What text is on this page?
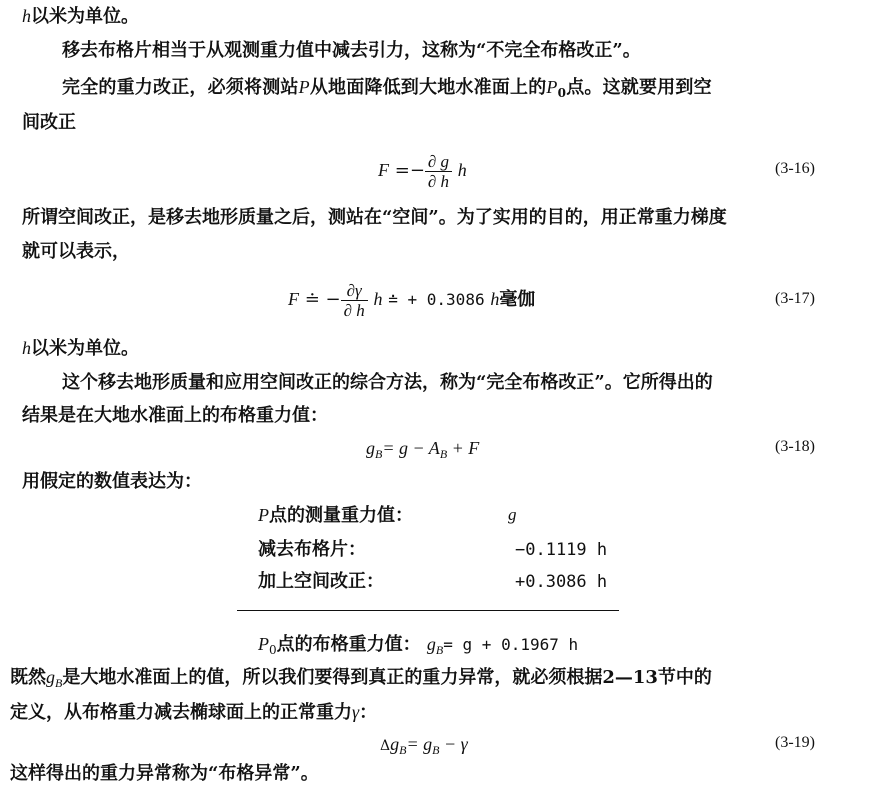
h以米为单位。
移去布格片相当于从观测重力值中减去引力，这称为“不完全布格改正”。
完全的重力改正，必须将测站P从地面降低到大地水准面上的$P_0$点。这就要用到空
间改正
$F =- \frac{\partial g}{\partial h}$ h	(3-16)
所谓空间改正，是移去地形质量之后，测站在“空间”。为了实用的目的，用正常重力梯度
就可以表示，
F ≐ − $\frac{\partial\gamma}{\partial h}$ h ≐ + 0.3086 h毫伽	(3-17)
h以米为单位。
这个移去地形质量和应用空间改正的综合方法，称为“完全布格改正”。它所得出的
结果是在大地水准面上的布格重力值：
$g_B= g - A_B + F$	(3-18)
用假定的数值表达为：
P点的测量重力值：	g
减去布格片：	−0.1119 h
加上空间改正：	+0.3086 h
$P_0$点的布格重力值： $g_B= g + 0.1967$ h
既然$g_B$是大地水准面上的值，所以我们要得到真正的重力异常，就必须根据2—13节中的
定义，从布格重力减去椭球面上的正常重力γ：
$\Delta g_B= g_B - \gamma$	(3-19)
这样得出的重力异常称为“布格异常”。
